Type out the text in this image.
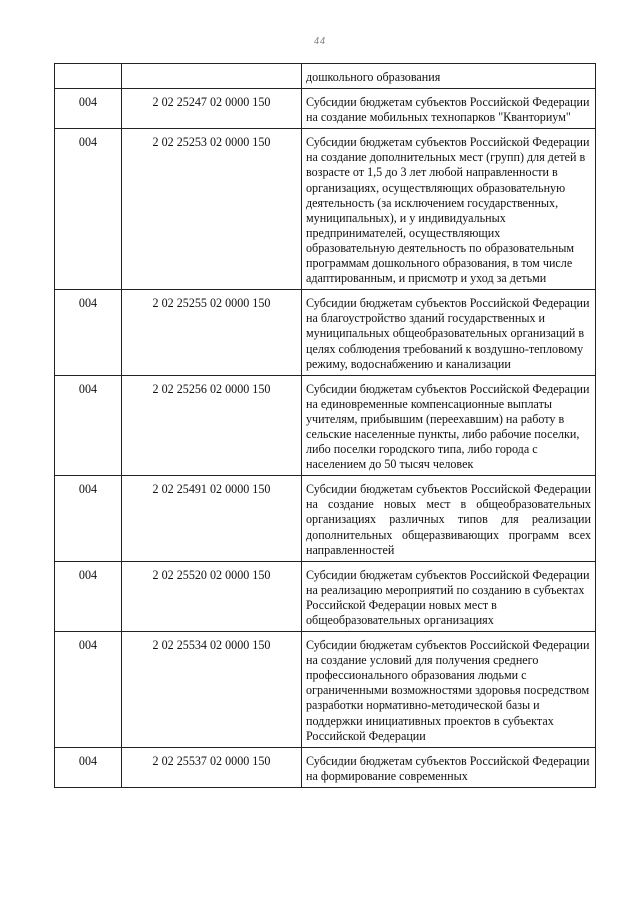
44
		дошкольного образования
004	2 02 25247 02 0000 150	Субсидии бюджетам субъектов Российской Федерации на создание мобильных технопарков "Кванториум"
004	2 02 25253 02 0000 150	Субсидии бюджетам субъектов Российской Федерации на создание дополнительных мест (групп) для детей в возрасте от 1,5 до 3 лет любой направленности в организациях, осуществляющих образовательную деятельность (за исключением государственных, муниципальных), и у индивидуальных предпринимателей, осуществляющих образовательную деятельность по образовательным программам дошкольного образования, в том числе адаптированным, и присмотр и уход за детьми
004	2 02 25255 02 0000 150	Субсидии бюджетам субъектов Российской Федерации на благоустройство зданий государственных и муниципальных общеобразовательных организаций в целях соблюдения требований к воздушно-тепловому режиму, водоснабжению и канализации
004	2 02 25256 02 0000 150	Субсидии бюджетам субъектов Российской Федерации на единовременные компенсационные выплаты учителям, прибывшим (переехавшим) на работу в сельские населенные пункты, либо рабочие поселки, либо поселки городского типа, либо города с населением до 50 тысяч человек
004	2 02 25491 02 0000 150	Субсидии бюджетам субъектов Российской Федерации на создание новых мест в общеобразовательных организациях различных типов для реализации дополнительных общеразвивающих программ всех направленностей
004	2 02 25520 02 0000 150	Субсидии бюджетам субъектов Российской Федерации на реализацию мероприятий по созданию в субъектах Российской Федерации новых мест в общеобразовательных организациях
004	2 02 25534 02 0000 150	Субсидии бюджетам субъектов Российской Федерации на создание условий для получения среднего профессионального образования людьми с ограниченными возможностями здоровья посредством разработки нормативно-методической базы и поддержки инициативных проектов в субъектах Российской Федерации
004	2 02 25537 02 0000 150	Субсидии бюджетам субъектов Российской Федерации на формирование современных
